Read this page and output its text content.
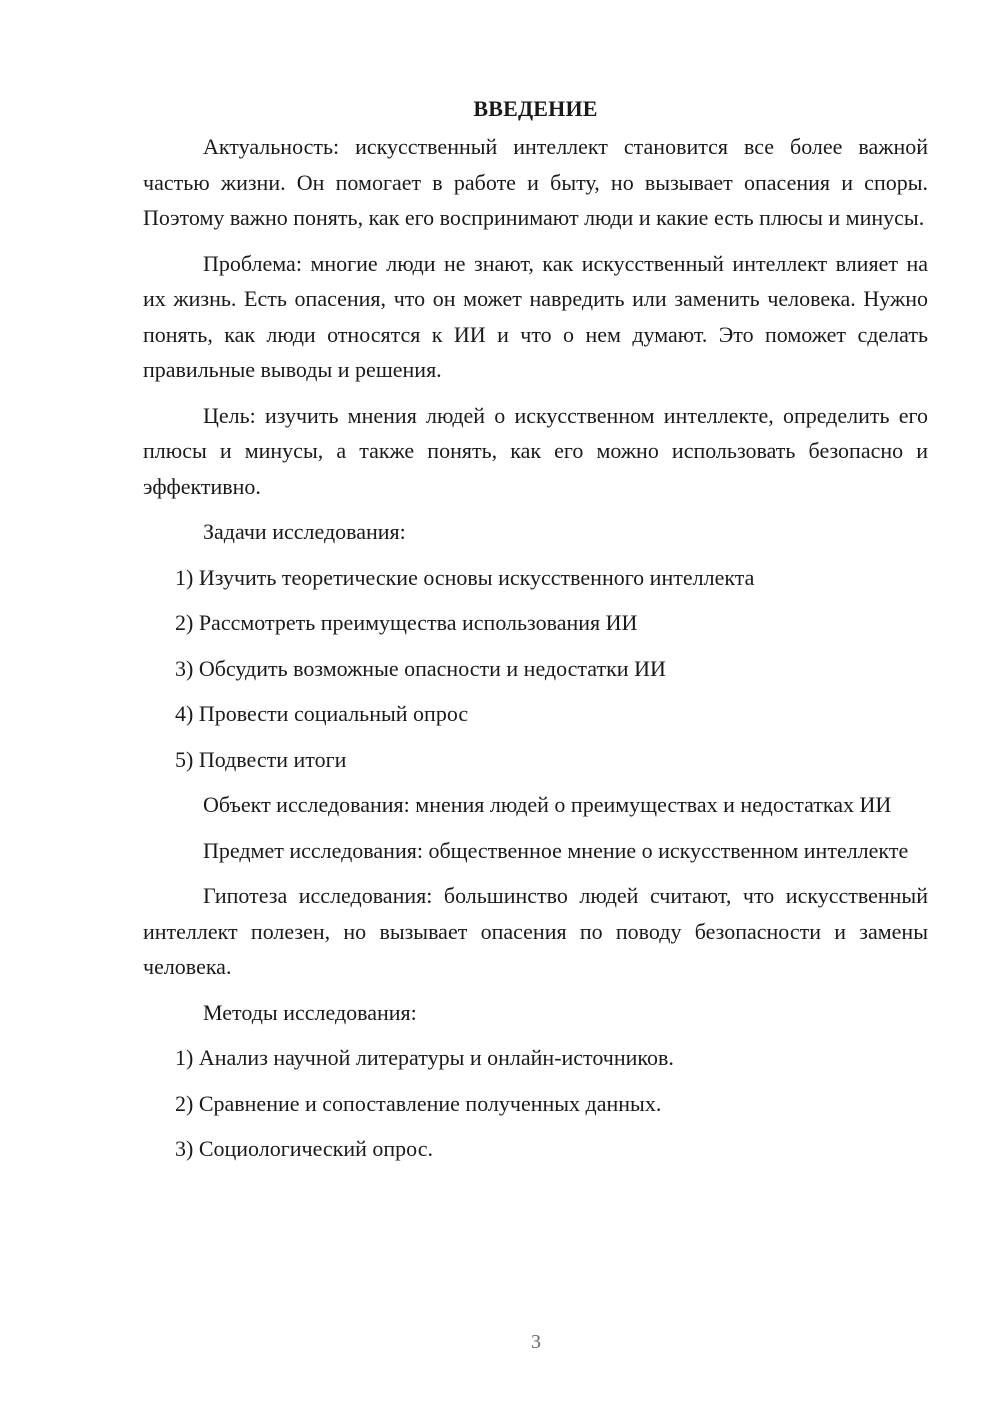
ВВЕДЕНИЕ
Актуальность: искусственный интеллект становится все более важной частью жизни. Он помогает в работе и быту, но вызывает опасения и споры. Поэтому важно понять, как его воспринимают люди и какие есть плюсы и минусы.
Проблема: многие люди не знают, как искусственный интеллект влияет на их жизнь. Есть опасения, что он может навредить или заменить человека. Нужно понять, как люди относятся к ИИ и что о нем думают. Это поможет сделать правильные выводы и решения.
Цель: изучить мнения людей о искусственном интеллекте, определить его плюсы и минусы, а также понять, как его можно использовать безопасно и эффективно.
Задачи исследования:
1) Изучить теоретические основы искусственного интеллекта
2) Рассмотреть преимущества использования ИИ
3) Обсудить возможные опасности и недостатки ИИ
4) Провести социальный опрос
5) Подвести итоги
Объект исследования: мнения людей о преимуществах и недостатках ИИ
Предмет исследования: общественное мнение о искусственном интеллекте
Гипотеза исследования: большинство людей считают, что искусственный интеллект полезен, но вызывает опасения по поводу безопасности и замены человека.
Методы исследования:
1) Анализ научной литературы и онлайн-источников.
2) Сравнение и сопоставление полученных данных.
3) Социологический опрос.
3
